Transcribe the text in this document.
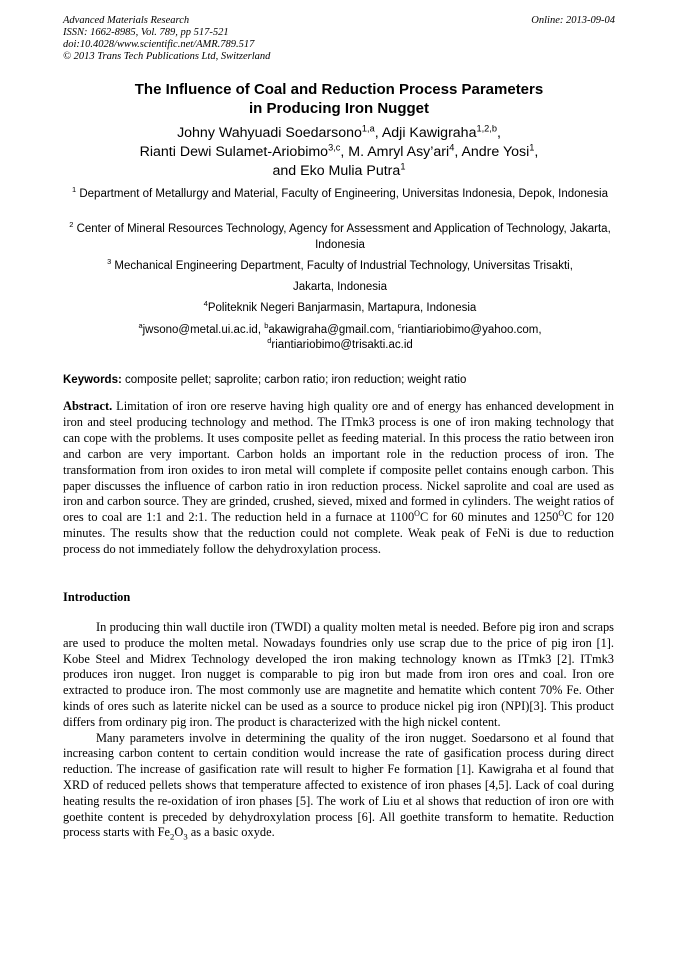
Advanced Materials Research
ISSN: 1662-8985, Vol. 789, pp 517-521
doi:10.4028/www.scientific.net/AMR.789.517
© 2013 Trans Tech Publications Ltd, Switzerland
Online: 2013-09-04
The Influence of Coal and Reduction Process Parameters
in Producing Iron Nugget
Johny Wahyuadi Soedarsono$^{1,a}$, Adji Kawigraha$^{1,2,b}$,
Rianti Dewi Sulamet-Ariobimo$^{3,c}$, M. Amryl Asy’ari$^4$, Andre Yosi$^1$,
and Eko Mulia Putra$^1$
$^1$ Department of Metallurgy and Material, Faculty of Engineering, Universitas Indonesia, Depok, Indonesia
$^2$ Center of Mineral Resources Technology, Agency for Assessment and Application of Technology, Jakarta, Indonesia
$^3$ Mechanical Engineering Department, Faculty of Industrial Technology, Universitas Trisakti,
Jakarta, Indonesia
$^4$Politeknik Negeri Banjarmasin, Martapura, Indonesia
$^a$jwsono@metal.ui.ac.id, $^b$akawigraha@gmail.com, $^c$riantiariobimo@yahoo.com,
$^d$riantiariobimo@trisakti.ac.id
Keywords: composite pellet; saprolite; carbon ratio; iron reduction; weight ratio
Abstract. Limitation of iron ore reserve having high quality ore and of energy has enhanced development in iron and steel producing technology and method. The ITmk3 process is one of iron making technology that can cope with the problems. It uses composite pellet as feeding material. In this process the ratio between iron and carbon are very important. Carbon holds an important role in the reduction process of iron. The transformation from iron oxides to iron metal will complete if composite pellet contains enough carbon. This paper discusses the influence of carbon ratio in iron reduction process. Nickel saprolite and coal are used as iron and carbon source. They are grinded, crushed, sieved, mixed and formed in cylinders. The weight ratios of ores to coal are 1:1 and 2:1. The reduction held in a furnace at $1100^OC$ for 60 minutes and $1250^OC$ for 120 minutes. The results show that the reduction could not complete. Weak peak of FeNi is due to reduction process do not immediately follow the dehydroxylation process.
Introduction

In producing thin wall ductile iron (TWDI) a quality molten metal is needed. Before pig iron and scraps are used to produce the molten metal. Nowadays foundries only use scrap due to the price of pig iron [1]. Kobe Steel and Midrex Technology developed the iron making technology known as ITmk3 [2]. ITmk3 produces iron nugget. Iron nugget is comparable to pig iron but made from iron ores and coal. Iron ore extracted to produce iron. The most commonly use are magnetite and hematite which content 70% Fe. Other kinds of ores such as laterite nickel can be used as a source to produce nickel pig iron (NPI)[3]. This product differs from ordinary pig iron. The product is characterized with the high nickel content.

Many parameters involve in determining the quality of the iron nugget. Soedarsono et al found that increasing carbon content to certain condition would increase the rate of gasification process during direct reduction. The increase of gasification rate will result to higher Fe formation [1]. Kawigraha et al found that XRD of reduced pellets shows that temperature affected to existence of iron phases [4,5]. Lack of coal during heating results the re-oxidation of iron phases [5]. The work of Liu et al shows that reduction of iron ore with goethite content is preceded by dehydroxylation process [6]. All goethite transform to hematite. Reduction process starts with $Fe_2O_3$ as a basic oxyde.
